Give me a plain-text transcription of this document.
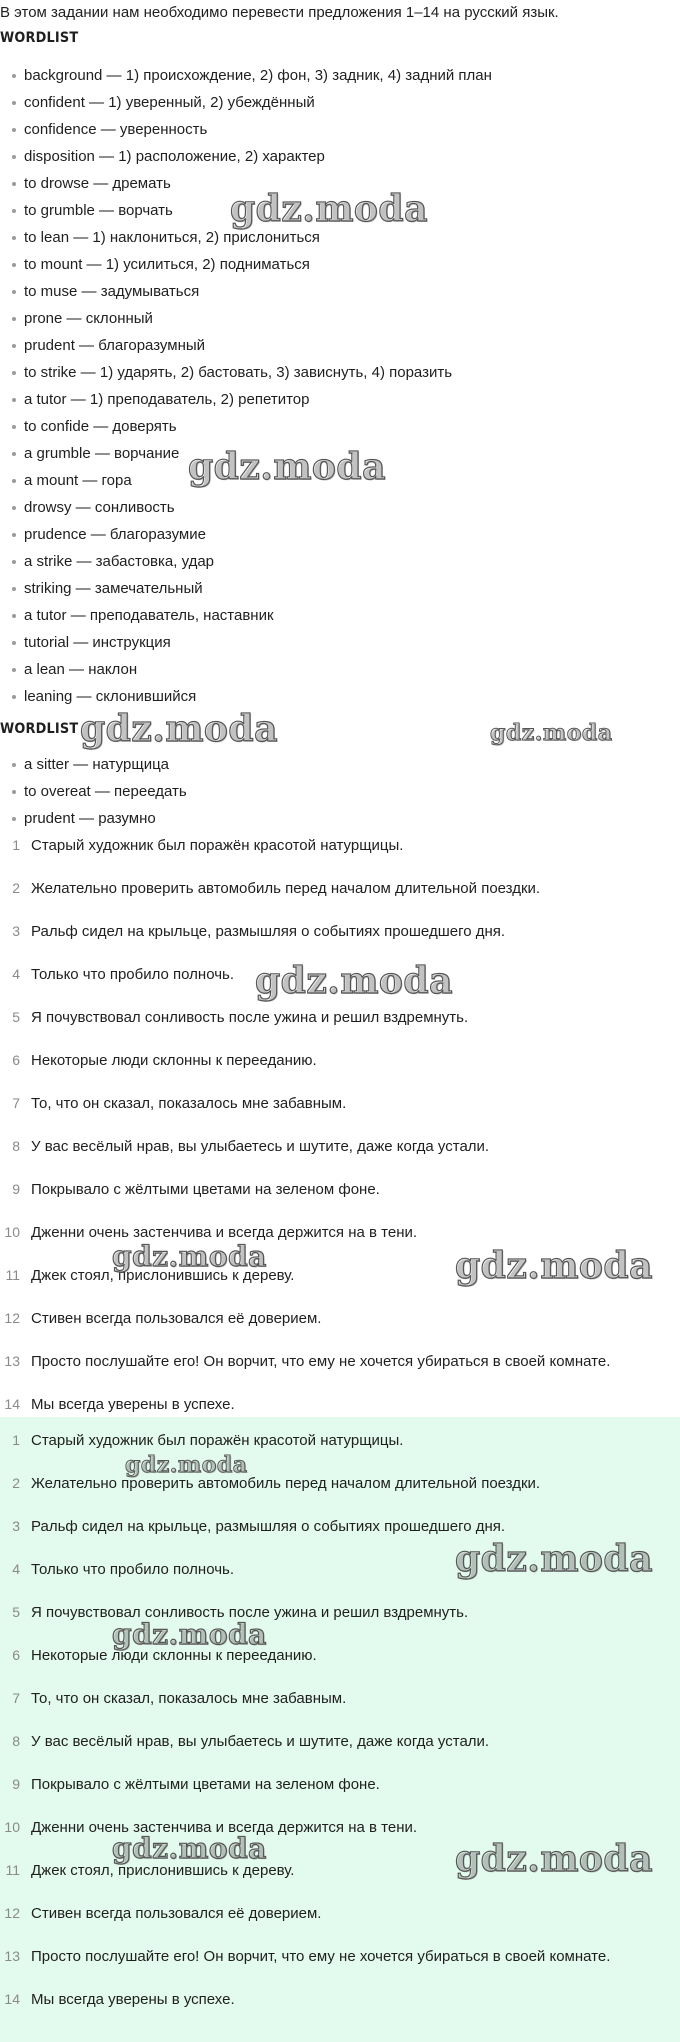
В этом задании нам необходимо перевести предложения 1–14 на русский язык.
WORDLIST
background — 1) происхождение, 2) фон, 3) задник, 4) задний план
confident — 1) уверенный, 2) убеждённый
confidence — уверенность
disposition — 1) расположение, 2) характер
to drowse — дремать
to grumble — ворчать
to lean — 1) наклониться, 2) прислониться
to mount — 1) усилиться, 2) подниматься
to muse — задумываться
prone — склонный
prudent — благоразумный
to strike — 1) ударять, 2) бастовать, 3) зависнуть, 4) поразить
a tutor — 1) преподаватель, 2) репетитор
to confide — доверять
a grumble — ворчание
a mount — гора
drowsy — сонливость
prudence — благоразумие
a strike — забастовка, удар
striking — замечательный
a tutor — преподаватель, наставник
tutorial — инструкция
a lean — наклон
leaning — склонившийся
WORDLIST
a sitter — натурщица
to overeat — переедать
prudent — разумно
1 Старый художник был поражён красотой натурщицы.
2 Желательно проверить автомобиль перед началом длительной поездки.
3 Ральф сидел на крыльце, размышляя о событиях прошедшего дня.
4 Только что пробило полночь.
5 Я почувствовал сонливость после ужина и решил вздремнуть.
6 Некоторые люди склонны к перееданию.
7 То, что он сказал, показалось мне забавным.
8 У вас весёлый нрав, вы улыбаетесь и шутите, даже когда устали.
9 Покрывало с жёлтыми цветами на зеленом фоне.
10 Дженни очень застенчива и всегда держится на в тени.
11 Джек стоял, прислонившись к дереву.
12 Стивен всегда пользовался её доверием.
13 Просто послушайте его! Он ворчит, что ему не хочется убираться в своей комнате.
14 Мы всегда уверены в успехе.
1 Старый художник был поражён красотой натурщицы.
2 Желательно проверить автомобиль перед началом длительной поездки.
3 Ральф сидел на крыльце, размышляя о событиях прошедшего дня.
4 Только что пробило полночь.
5 Я почувствовал сонливость после ужина и решил вздремнуть.
6 Некоторые люди склонны к перееданию.
7 То, что он сказал, показалось мне забавным.
8 У вас весёлый нрав, вы улыбаетесь и шутите, даже когда устали.
9 Покрывало с жёлтыми цветами на зеленом фоне.
10 Дженни очень застенчива и всегда держится на в тени.
11 Джек стоял, прислонившись к дереву.
12 Стивен всегда пользовался её доверием.
13 Просто послушайте его! Он ворчит, что ему не хочется убираться в своей комнате.
14 Мы всегда уверены в успехе.
gdz.moda
gdz.moda
gdz.moda	gdz.moda
gdz.moda
gdz.moda	gdz.moda
